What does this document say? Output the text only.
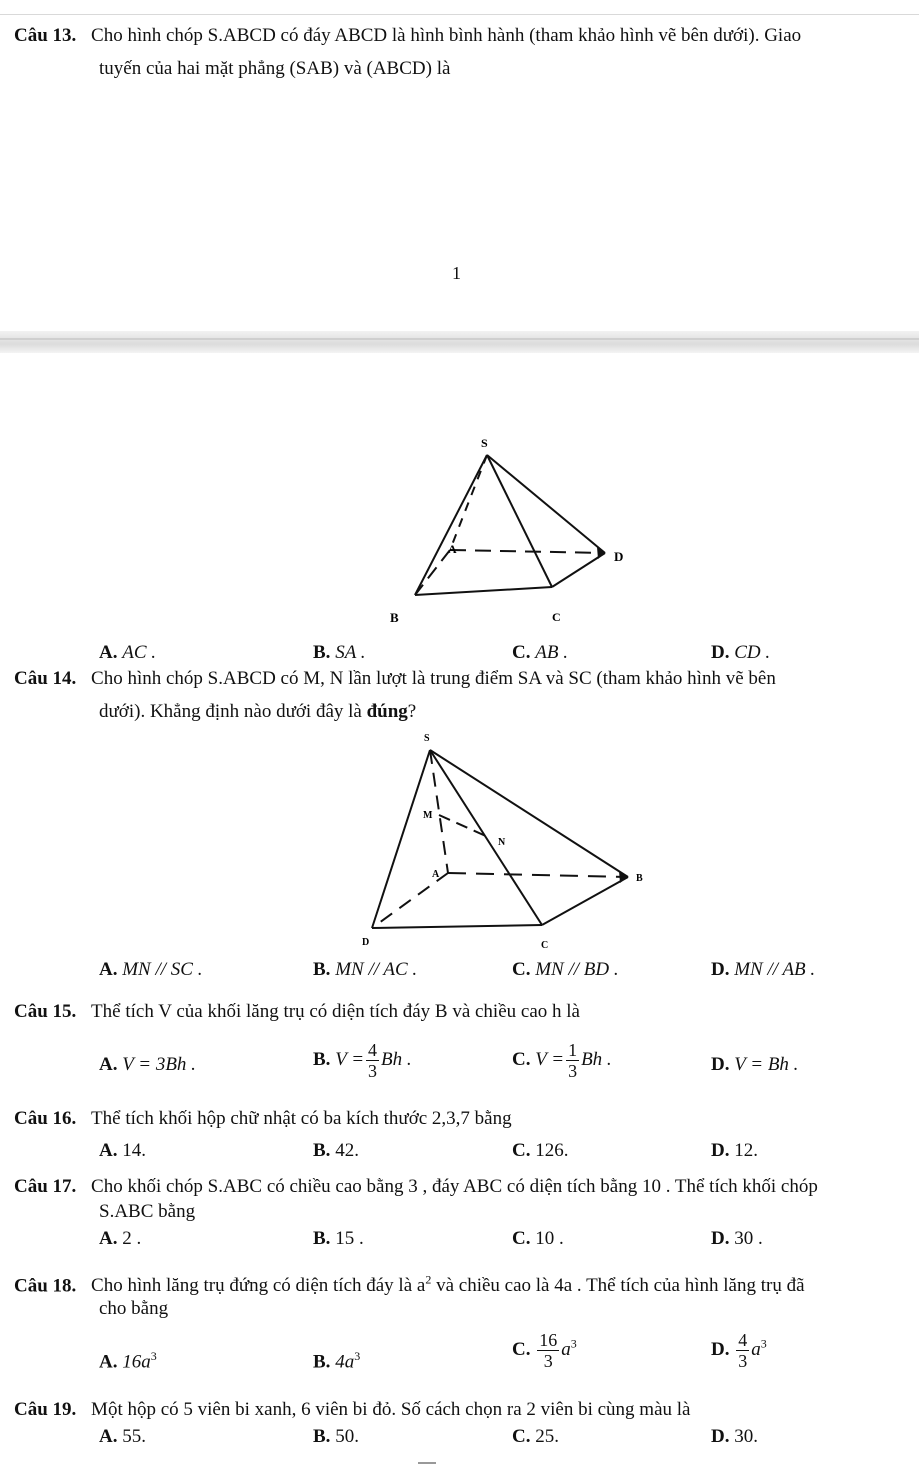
Câu 13. Cho hình chóp S.ABCD có đáy ABCD là hình bình hành (tham khảo hình vẽ bên dưới). Giao
tuyến của hai mặt phẳng (SAB) và (ABCD) là
1
S
A
B	C
D
A. AC .	B. SA .	C. AB .	D. CD .
Câu 14. Cho hình chóp S.ABCD có M, N lần lượt là trung điểm SA và SC (tham khảo hình vẽ bên
dưới). Khẳng định nào dưới đây là đúng?
S
M
N
A	B
C
D
A. MN // SC .	B. MN // AC .	C. MN // BD .	D. MN // AB .
Câu 15. Thể tích V của khối lăng trụ có diện tích đáy B và chiều cao h là
A. V = 3Bh .	B. $V = \frac{4}{3}$ Bh .	C. $V = \frac{1}{3}$ Bh .	D. V = Bh .
Câu 16. Thể tích khối hộp chữ nhật có ba kích thước 2,3,7 bằng
A. 14.	B. 42.	C. 126.	D. 12.
Câu 17. Cho khối chóp S.ABC có chiều cao bằng 3 , đáy ABC có diện tích bằng 10 . Thể tích khối chóp
S.ABC bằng
A. 2 .	B. 15 .	C. 10 .	D. 30 .
Câu 18. Cho hình lăng trụ đứng có diện tích đáy là $a^2$ và chiều cao là 4a . Thể tích của hình lăng trụ đã
cho bằng
A. $16a^3$	B. $4a^3$	C. $\frac{16}{3} a^3$	D. $\frac{4}{3} a^3$
Câu 19. Một hộp có 5 viên bi xanh, 6 viên bi đỏ. Số cách chọn ra 2 viên bi cùng màu là
A. 55.	B. 50.	C. 25.	D. 30.
